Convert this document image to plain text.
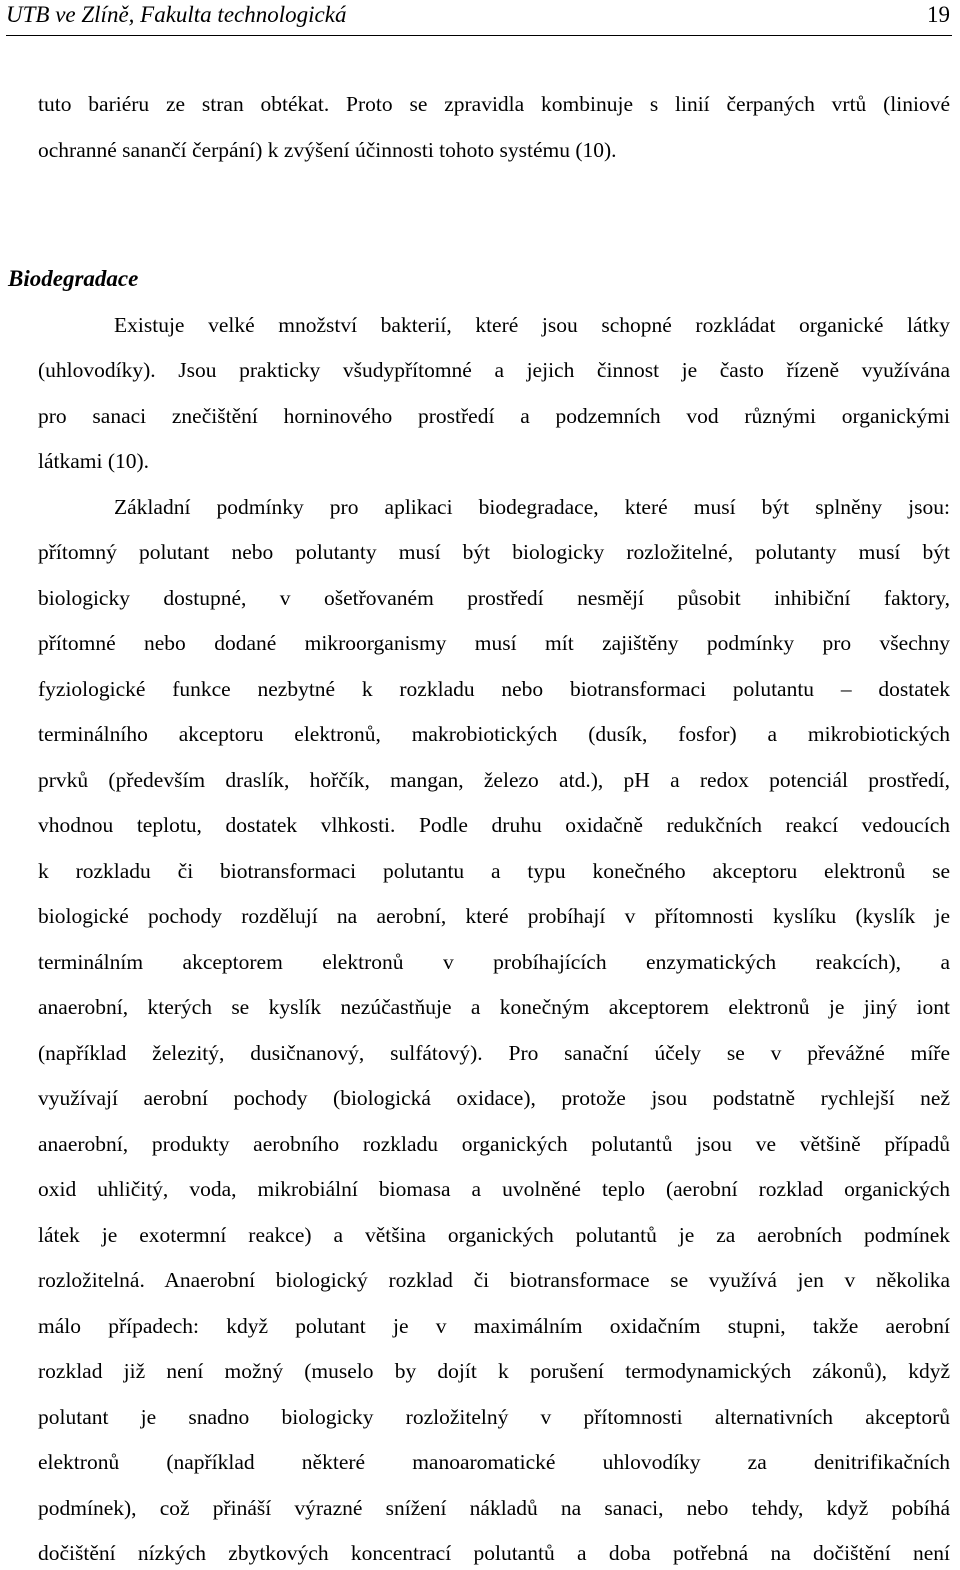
UTB ve Zlíně, Fakulta technologická	19
tuto bariéru ze stran obtékat. Proto se zpravidla kombinuje s linií čerpaných vrtů (liniové
ochranné sanančí čerpání) k zvýšení účinnosti tohoto systému (10).
Biodegradace
Existuje velké množství bakterií, které jsou schopné rozkládat organické látky
(uhlovodíky). Jsou prakticky všudypřítomné a jejich činnost je často řízeně využívána
pro sanaci znečištění horninového prostředí a podzemních vod různými organickými
látkami (10).
Základní podmínky pro aplikaci biodegradace, které musí být splněny jsou:
přítomný polutant nebo polutanty musí být biologicky rozložitelné, polutanty musí být
biologicky dostupné, v ošetřovaném prostředí nesmějí působit inhibiční faktory,
přítomné nebo dodané mikroorganismy musí mít zajištěny podmínky pro všechny
fyziologické funkce nezbytné k rozkladu nebo biotransformaci polutantu – dostatek
terminálního akceptoru elektronů, makrobiotických (dusík, fosfor) a mikrobiotických
prvků (především draslík, hořčík, mangan, železo atd.), pH a redox potenciál prostředí,
vhodnou teplotu, dostatek vlhkosti. Podle druhu oxidačně redukčních reakcí vedoucích
k rozkladu či biotransformaci polutantu a typu konečného akceptoru elektronů se
biologické pochody rozdělují na aerobní, které probíhají v přítomnosti kyslíku (kyslík je
terminálním akceptorem elektronů v probíhajících enzymatických reakcích), a
anaerobní, kterých se kyslík nezúčastňuje a konečným akceptorem elektronů je jiný iont
(například železitý, dusičnanový, sulfátový). Pro sanační účely se v převážné míře
využívají aerobní pochody (biologická oxidace), protože jsou podstatně rychlejší než
anaerobní, produkty aerobního rozkladu organických polutantů jsou ve většině případů
oxid uhličitý, voda, mikrobiální biomasa a uvolněné teplo (aerobní rozklad organických
látek je exotermní reakce) a většina organických polutantů je za aerobních podmínek
rozložitelná. Anaerobní biologický rozklad či biotransformace se využívá jen v několika
málo případech: když polutant je v maximálním oxidačním stupni, takže aerobní
rozklad již není možný (muselo by dojít k porušení termodynamických zákonů), když
polutant je snadno biologicky rozložitelný v přítomnosti alternativních akceptorů
elektronů (například některé manoaromatické uhlovodíky za denitrifikačních
podmínek), což přináší výrazné snížení nákladů na sanaci, nebo tehdy, když pobíhá
dočištění nízkých zbytkových koncentrací polutantů a doba potřebná na dočištění není
